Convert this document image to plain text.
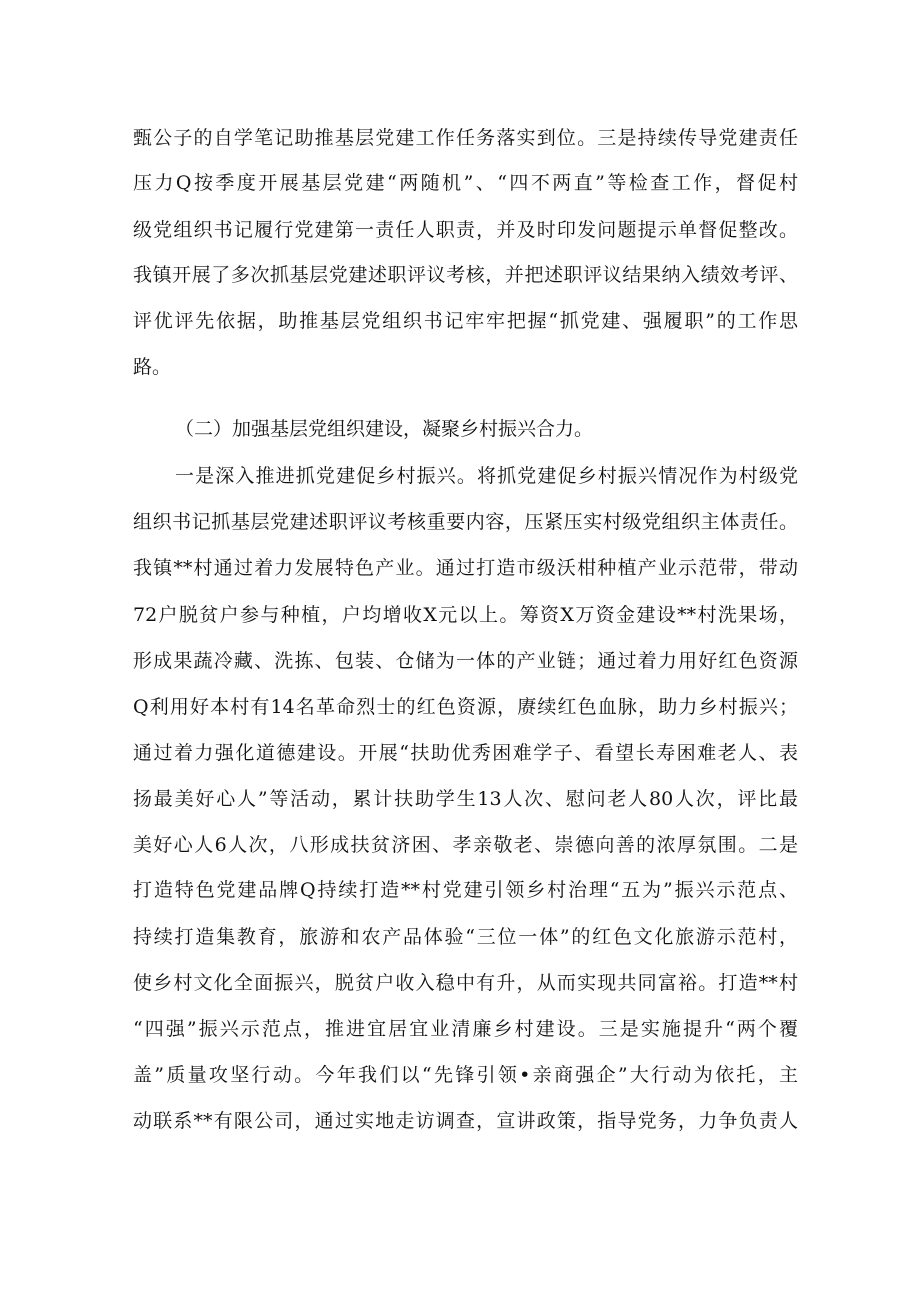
甄公子的自学笔记助推基层党建工作任务落实到位。三是持续传导党建责任
压力Q按季度开展基层党建“两随机”、“四不两直”等检查工作，督促村
级党组织书记履行党建第一责任人职责，并及时印发问题提示单督促整改。
我镇开展了多次抓基层党建述职评议考核，并把述职评议结果纳入绩效考评、
评优评先依据，助推基层党组织书记牢牢把握“抓党建、强履职”的工作思
路。
（二）加强基层党组织建设，凝聚乡村振兴合力。
一是深入推进抓党建促乡村振兴。将抓党建促乡村振兴情况作为村级党
组织书记抓基层党建述职评议考核重要内容，压紧压实村级党组织主体责任。
我镇**村通过着力发展特色产业。通过打造市级沃柑种植产业示范带，带动
72户脱贫户参与种植，户均增收X元以上。筹资X万资金建设**村洗果场，
形成果蔬冷藏、洗拣、包装、仓储为一体的产业链；通过着力用好红色资源
Q利用好本村有14名革命烈士的红色资源，赓续红色血脉，助力乡村振兴；
通过着力强化道德建设。开展“扶助优秀困难学子、看望长寿困难老人、表
扬最美好心人”等活动，累计扶助学生13人次、慰问老人80人次，评比最
美好心人6人次，八形成扶贫济困、孝亲敬老、崇德向善的浓厚氛围。二是
打造特色党建品牌Q持续打造**村党建引领乡村治理“五为”振兴示范点、
持续打造集教育，旅游和农产品体验“三位一体”的红色文化旅游示范村，
使乡村文化全面振兴，脱贫户收入稳中有升，从而实现共同富裕。打造**村
“四强”振兴示范点，推进宜居宜业清廉乡村建设。三是实施提升“两个覆
盖”质量攻坚行动。今年我们以“先锋引领•亲商强企”大行动为依托，主
动联系**有限公司，通过实地走访调查，宣讲政策，指导党务，力争负责人
